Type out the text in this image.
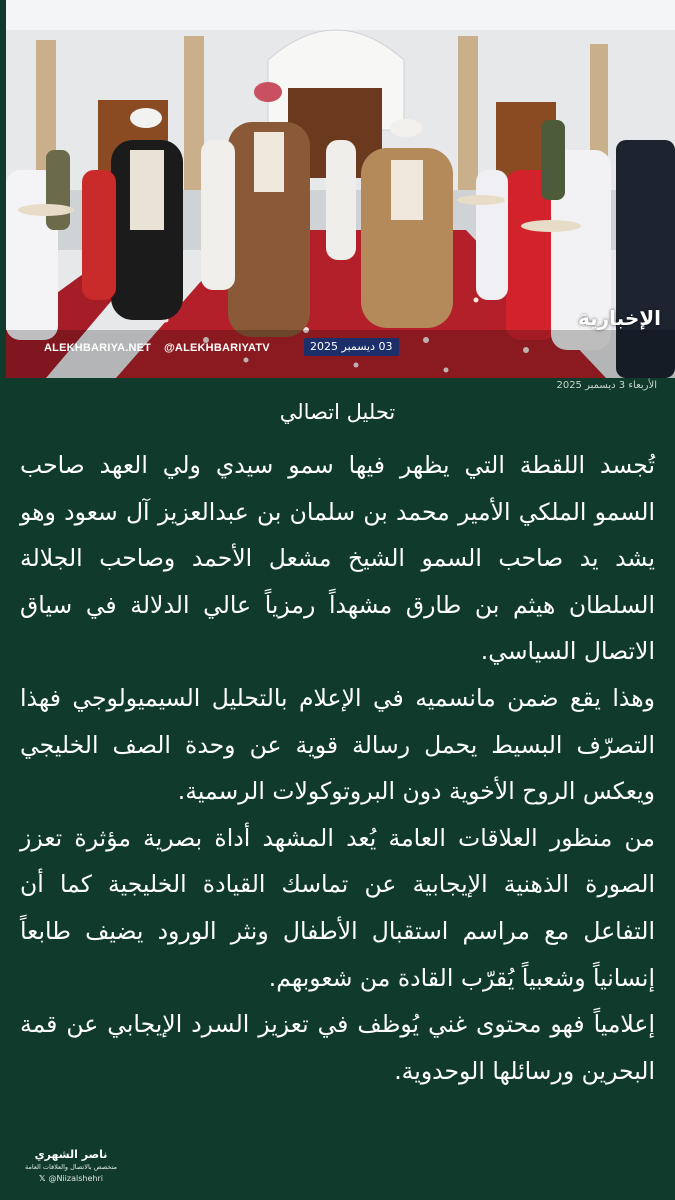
ALEKHBARIYA.NET @ALEKHBARIYATV	03 ديسمبر 2025
الإخبارية
الأربعاء 3 ديسمبر 2025
تحليل اتصالي

تُجسد اللقطة التي يظهر فيها سمو سيدي ولي العهد صاحب السمو الملكي الأمير محمد بن سلمان بن عبدالعزيز آل سعود وهو يشد يد صاحب السمو الشيخ مشعل الأحمد وصاحب الجلالة السلطان هيثم بن طارق مشهداً رمزياً عالي الدلالة في سياق الاتصال السياسي.

وهذا يقع ضمن مانسميه في الإعلام بالتحليل السيميولوجي فهذا التصرّف البسيط يحمل رسالة قوية عن وحدة الصف الخليجي ويعكس الروح الأخوية دون البروتوكولات الرسمية.

من منظور العلاقات العامة يُعد المشهد أداة بصرية مؤثرة تعزز الصورة الذهنية الإيجابية عن تماسك القيادة الخليجية كما أن التفاعل مع مراسم استقبال الأطفال ونثر الورود يضيف طابعاً إنسانياً وشعبياً يُقرّب القادة من شعوبهم.

إعلامياً فهو محتوى غني يُوظف في تعزيز السرد الإيجابي عن قمة البحرين ورسائلها الوحدوية.

ناصر الشهري
متخصص بالاتصال والعلاقات العامة
𝕏 @Niizalshehri
